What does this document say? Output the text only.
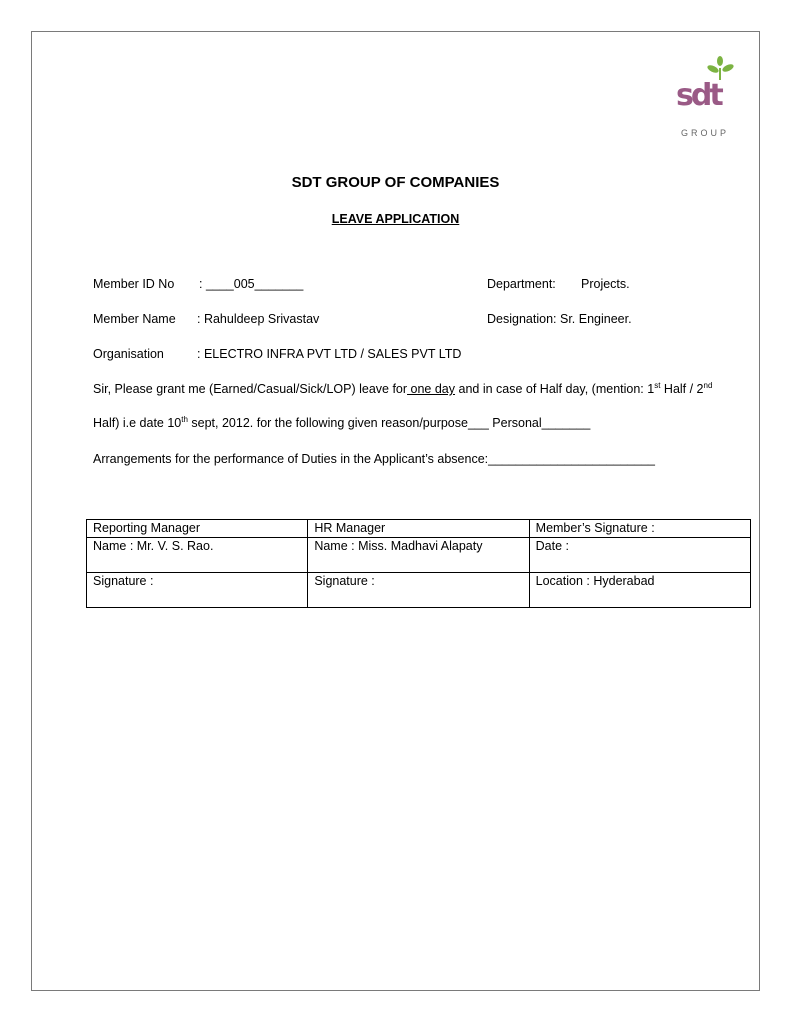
sdt
GROUP
SDT GROUP OF COMPANIES
LEAVE APPLICATION
Member ID No : ____005_______	Department: Projects.
Member Name : Rahuldeep Srivastav	Designation: Sr. Engineer.
Organisation	: ELECTRO INFRA PVT LTD / SALES PVT LTD
Sir, Please grant me (Earned/Casual/Sick/LOP) leave for one day and in case of Half day, (mention: 1st Half / 2nd
Half) i.e date 10th sept, 2012. for the following given reason/purpose___ Personal_______
Arrangements for the performance of Duties in the Applicant’s absence:________________________
Reporting Manager	HR Manager	Member’s Signature :
Name : Mr. V. S. Rao.	Name : Miss. Madhavi Alapaty	Date :
Signature :	Signature :	Location : Hyderabad
